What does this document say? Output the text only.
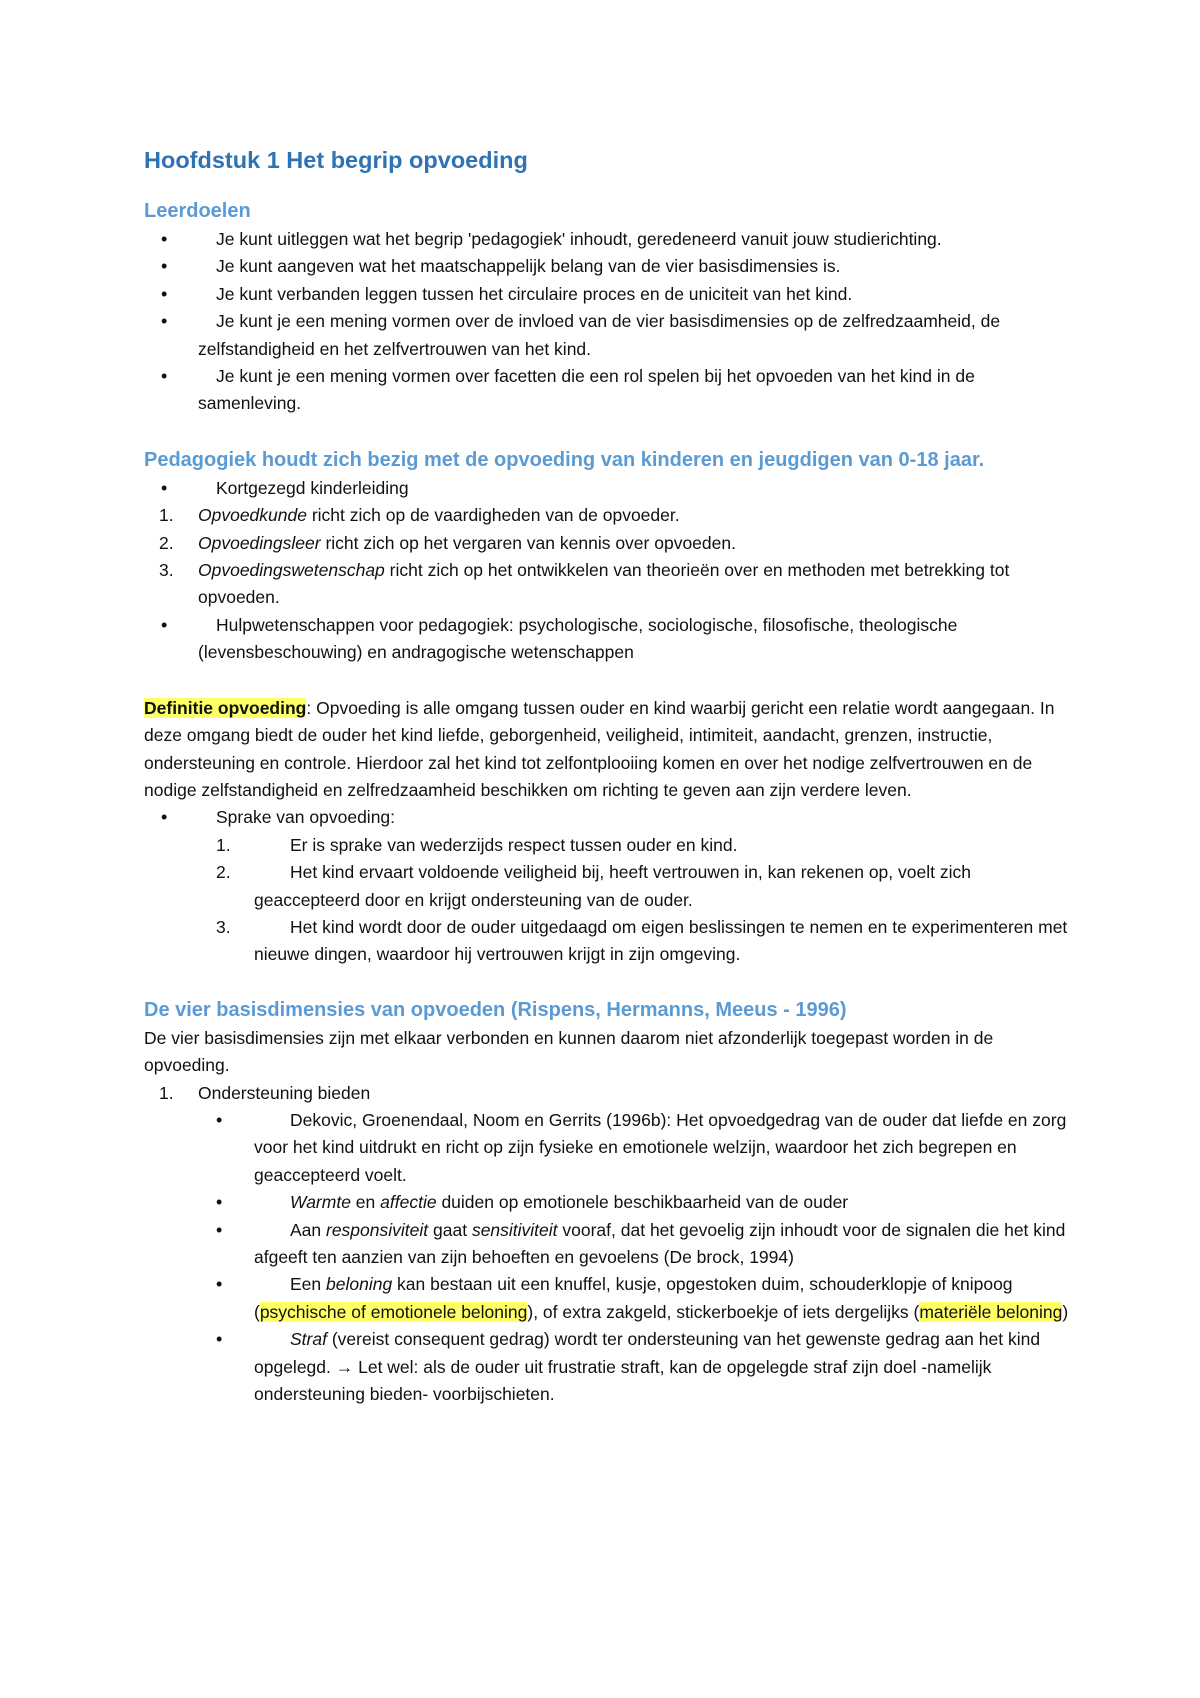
Hoofdstuk 1 Het begrip opvoeding
Leerdoelen
•	Je kunt uitleggen wat het begrip 'pedagogiek' inhoudt, geredeneerd vanuit jouw studierichting.
•	Je kunt aangeven wat het maatschappelijk belang van de vier basisdimensies is.
•	Je kunt verbanden leggen tussen het circulaire proces en de uniciteit van het kind.
•	Je kunt je een mening vormen over de invloed van de vier basisdimensies op de zelfredzaamheid, de zelfstandigheid en het zelfvertrouwen van het kind.
•	Je kunt je een mening vormen over facetten die een rol spelen bij het opvoeden van het kind in de samenleving.
Pedagogiek houdt zich bezig met de opvoeding van kinderen en jeugdigen van 0-18 jaar.
•	Kortgezegd kinderleiding
1. Opvoedkunde richt zich op de vaardigheden van de opvoeder.
2. Opvoedingsleer richt zich op het vergaren van kennis over opvoeden.
3. Opvoedingswetenschap richt zich op het ontwikkelen van theorieën over en methoden met betrekking tot opvoeden.
•	Hulpwetenschappen voor pedagogiek: psychologische, sociologische, filosofische, theologische (levensbeschouwing) en andragogische wetenschappen

Definitie opvoeding: Opvoeding is alle omgang tussen ouder en kind waarbij gericht een relatie wordt aangegaan. In deze omgang biedt de ouder het kind liefde, geborgenheid, veiligheid, intimiteit, aandacht, grenzen, instructie, ondersteuning en controle. Hierdoor zal het kind tot zelfontplooiing komen en over het nodige zelfvertrouwen en de nodige zelfstandigheid en zelfredzaamheid beschikken om richting te geven aan zijn verdere leven.

•	Sprake van opvoeding:
1.	Er is sprake van wederzijds respect tussen ouder en kind.
2.	Het kind ervaart voldoende veiligheid bij, heeft vertrouwen in, kan rekenen op, voelt zich geaccepteerd door en krijgt ondersteuning van de ouder.
3.	Het kind wordt door de ouder uitgedaagd om eigen beslissingen te nemen en te experimenteren met nieuwe dingen, waardoor hij vertrouwen krijgt in zijn omgeving.
De vier basisdimensies van opvoeden (Rispens, Hermanns, Meeus - 1996)

De vier basisdimensies zijn met elkaar verbonden en kunnen daarom niet afzonderlijk toegepast worden in de opvoeding.

1. Ondersteuning bieden
•	Dekovic, Groenendaal, Noom en Gerrits (1996b): Het opvoedgedrag van de ouder dat liefde en zorg voor het kind uitdrukt en richt op zijn fysieke en emotionele welzijn, waardoor het zich begrepen en geaccepteerd voelt.
•	Warmte en affectie duiden op emotionele beschikbaarheid van de ouder
•	Aan responsiviteit gaat sensitiviteit vooraf, dat het gevoelig zijn inhoudt voor de signalen die het kind afgeeft ten aanzien van zijn behoeften en gevoelens (De brock, 1994)
•	Een beloning kan bestaan uit een knuffel, kusje, opgestoken duim, schouderklopje of knipoog (psychische of emotionele beloning), of extra zakgeld, stickerboekje of iets dergelijks (materiële beloning)
•	Straf (vereist consequent gedrag) wordt ter ondersteuning van het gewenste gedrag aan het kind opgelegd. → Let wel: als de ouder uit frustratie straft, kan de opgelegde straf zijn doel -namelijk ondersteuning bieden- voorbijschieten.
